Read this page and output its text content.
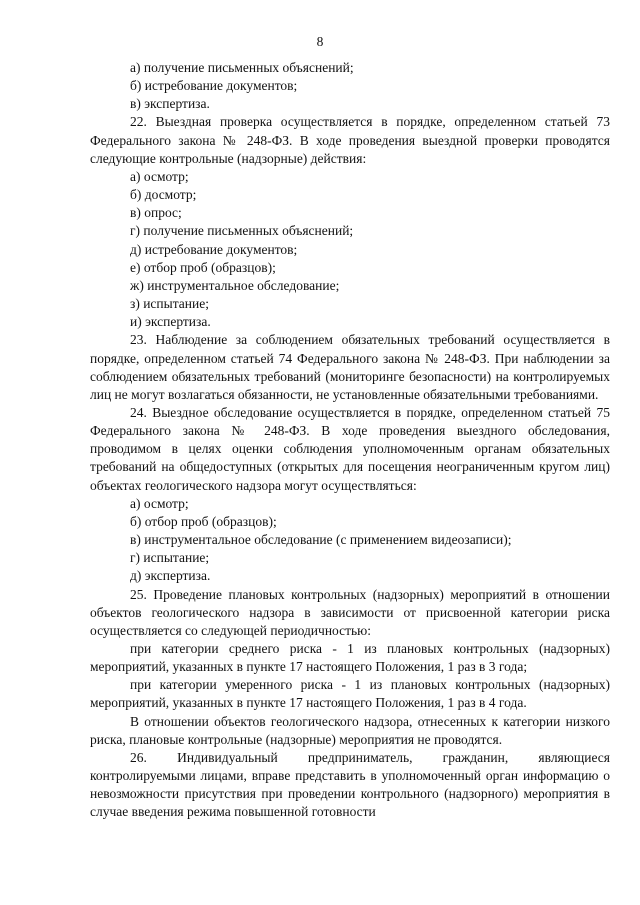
8
а) получение письменных объяснений;
б) истребование документов;
в) экспертиза.

22. Выездная проверка осуществляется в порядке, определенном статьей 73 Федерального закона № 248-ФЗ. В ходе проведения выездной проверки проводятся следующие контрольные (надзорные) действия:

а) осмотр;
б) досмотр;
в) опрос;
г) получение письменных объяснений;
д) истребование документов;
е) отбор проб (образцов);
ж) инструментальное обследование;
з) испытание;
и) экспертиза.

23. Наблюдение за соблюдением обязательных требований осуществляется в порядке, определенном статьей 74 Федерального закона № 248-ФЗ. При наблюдении за соблюдением обязательных требований (мониторинге безопасности) на контролируемых лиц не могут возлагаться обязанности, не установленные обязательными требованиями.

24. Выездное обследование осуществляется в порядке, определенном статьей 75 Федерального закона № 248-ФЗ. В ходе проведения выездного обследования, проводимом в целях оценки соблюдения уполномоченным органам обязательных требований на общедоступных (открытых для посещения неограниченным кругом лиц) объектах геологического надзора могут осуществляться:

а) осмотр;
б) отбор проб (образцов);
в) инструментальное обследование (с применением видеозаписи);
г) испытание;
д) экспертиза.

25. Проведение плановых контрольных (надзорных) мероприятий в отношении объектов геологического надзора в зависимости от присвоенной категории риска осуществляется со следующей периодичностью:

при категории среднего риска - 1 из плановых контрольных (надзорных) мероприятий, указанных в пункте 17 настоящего Положения, 1 раз в 3 года;

при категории умеренного риска - 1 из плановых контрольных (надзорных) мероприятий, указанных в пункте 17 настоящего Положения, 1 раз в 4 года.

В отношении объектов геологического надзора, отнесенных к категории низкого риска, плановые контрольные (надзорные) мероприятия не проводятся.

26. Индивидуальный предприниматель, гражданин, являющиеся контролируемыми лицами, вправе представить в уполномоченный орган информацию о невозможности присутствия при проведении контрольного (надзорного) мероприятия в случае введения режима повышенной готовности
